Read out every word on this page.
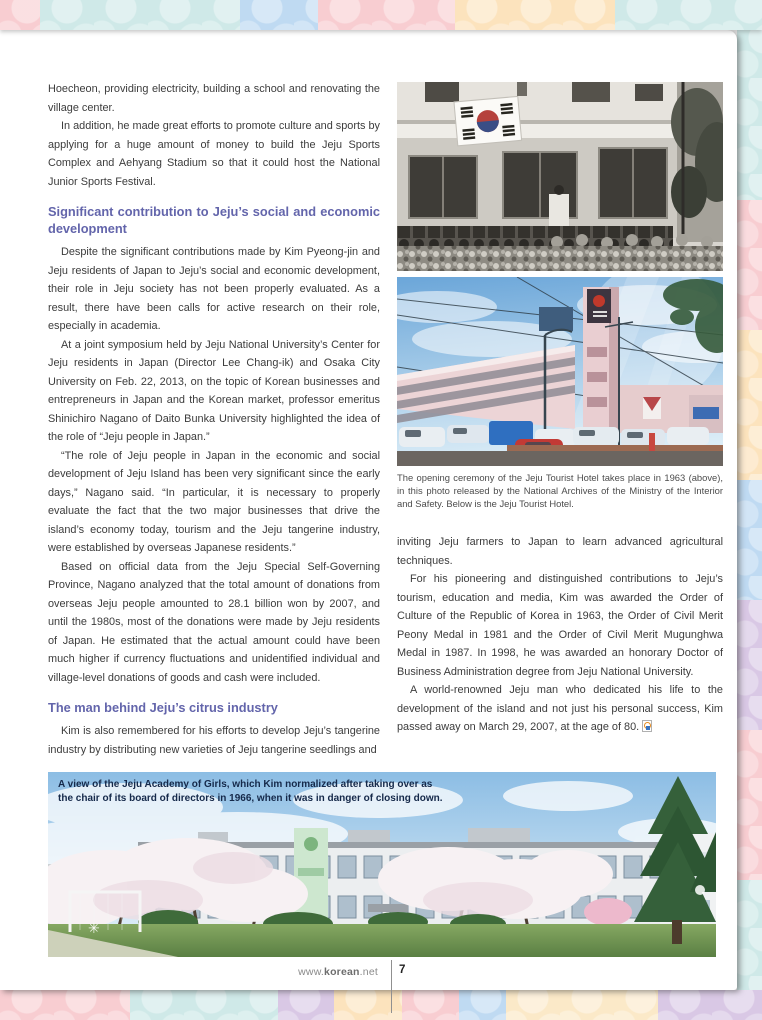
Hoecheon, providing electricity, building a school and renovating the village center.

In addition, he made great efforts to promote culture and sports by applying for a huge amount of money to build the Jeju Sports Complex and Aehyang Stadium so that it could host the National Junior Sports Festival.

Significant contribution to Jeju’s social and economic development

Despite the significant contributions made by Kim Pyeong-jin and Jeju residents of Japan to Jeju’s social and economic development, their role in Jeju society has not been properly evaluated. As a result, there have been calls for active research on their role, especially in academia.

At a joint symposium held by Jeju National University’s Center for Jeju residents in Japan (Director Lee Chang-ik) and Osaka City University on Feb. 22, 2013, on the topic of Korean businesses and entrepreneurs in Japan and the Korean market, professor emeritus Shinichiro Nagano of Daito Bunka University highlighted the idea of the role of “Jeju people in Japan.”

“The role of Jeju people in Japan in the economic and social development of Jeju Island has been very significant since the early days,” Nagano said. “In particular, it is necessary to properly evaluate the fact that the two major businesses that drive the island’s economy today, tourism and the Jeju tangerine industry, were established by overseas Japanese residents.”

Based on official data from the Jeju Special Self-Governing Province, Nagano analyzed that the total amount of donations from overseas Jeju people amounted to 28.1 billion won by 2007, and until the 1980s, most of the donations were made by Jeju residents of Japan. He estimated that the actual amount could have been much higher if currency fluctuations and unidentified individual and village-level donations of goods and cash were included.

The man behind Jeju’s citrus industry

Kim is also remembered for his efforts to develop Jeju’s tangerine industry by distributing new varieties of Jeju tangerine seedlings and

The opening ceremony of the Jeju Tourist Hotel takes place in 1963 (above), in this photo released by the National Archives of the Ministry of the Interior and Safety. Below is the Jeju Tourist Hotel.

inviting Jeju farmers to Japan to learn advanced agricultural techniques.

For his pioneering and distinguished contributions to Jeju’s tourism, education and media, Kim was awarded the Order of Culture of the Republic of Korea in 1963, the Order of Civil Merit Peony Medal in 1981 and the Order of Civil Merit Mugunghwa Medal in 1987. In 1998, he was awarded an honorary Doctor of Business Administration degree from Jeju National University.

A world-renowned Jeju man who dedicated his life to the development of the island and not just his personal success, Kim passed away on March 29, 2007, at the age of 80.

A view of the Jeju Academy of Girls, which Kim normalized after taking over as the chair of its board of directors in 1966, when it was in danger of closing down.
✳
www.korean.net 7
